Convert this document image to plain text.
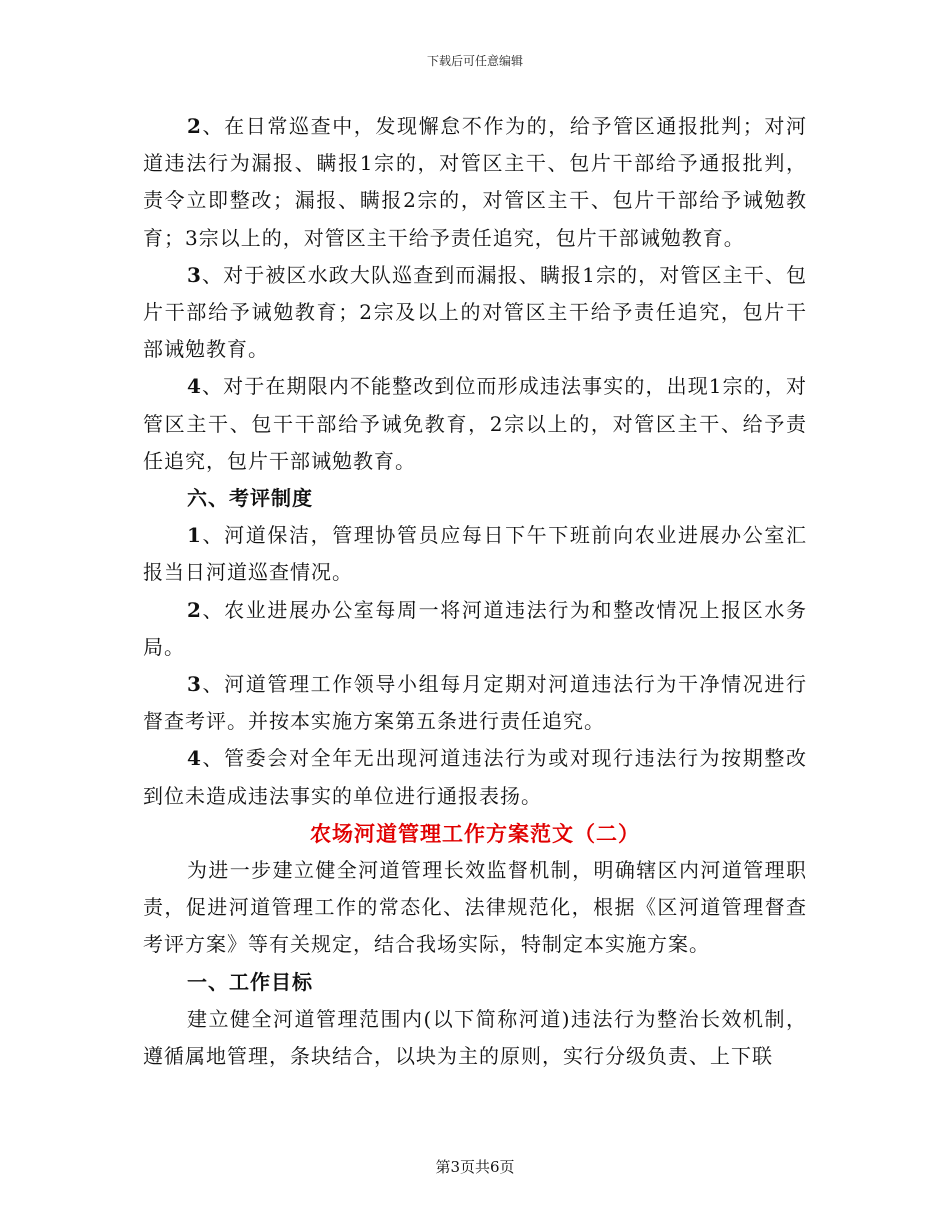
下载后可任意编辑

2、在日常巡查中，发现懈怠不作为的，给予管区通报批判；对河道违法行为漏报、瞒报1宗的，对管区主干、包片干部给予通报批判，责令立即整改；漏报、瞒报2宗的，对管区主干、包片干部给予诫勉教育；3宗以上的，对管区主干给予责任追究，包片干部诫勉教育。

3、对于被区水政大队巡查到而漏报、瞒报1宗的，对管区主干、包片干部给予诫勉教育；2宗及以上的对管区主干给予责任追究，包片干部诫勉教育。

4、对于在期限内不能整改到位而形成违法事实的，出现1宗的，对管区主干、包干干部给予诫免教育，2宗以上的，对管区主干、给予责任追究，包片干部诫勉教育。

六、考评制度

1、河道保洁，管理协管员应每日下午下班前向农业进展办公室汇报当日河道巡查情况。

2、农业进展办公室每周一将河道违法行为和整改情况上报区水务局。

3、河道管理工作领导小组每月定期对河道违法行为干净情况进行督查考评。并按本实施方案第五条进行责任追究。

4、管委会对全年无出现河道违法行为或对现行违法行为按期整改到位未造成违法事实的单位进行通报表扬。

农场河道管理工作方案范文（二）

为进一步建立健全河道管理长效监督机制，明确辖区内河道管理职责，促进河道管理工作的常态化、法律规范化，根据《区河道管理督查考评方案》等有关规定，结合我场实际，特制定本实施方案。

一、工作目标

建立健全河道管理范围内(以下简称河道)违法行为整治长效机制，遵循属地管理，条块结合，以块为主的原则，实行分级负责、上下联

第3页共6页
